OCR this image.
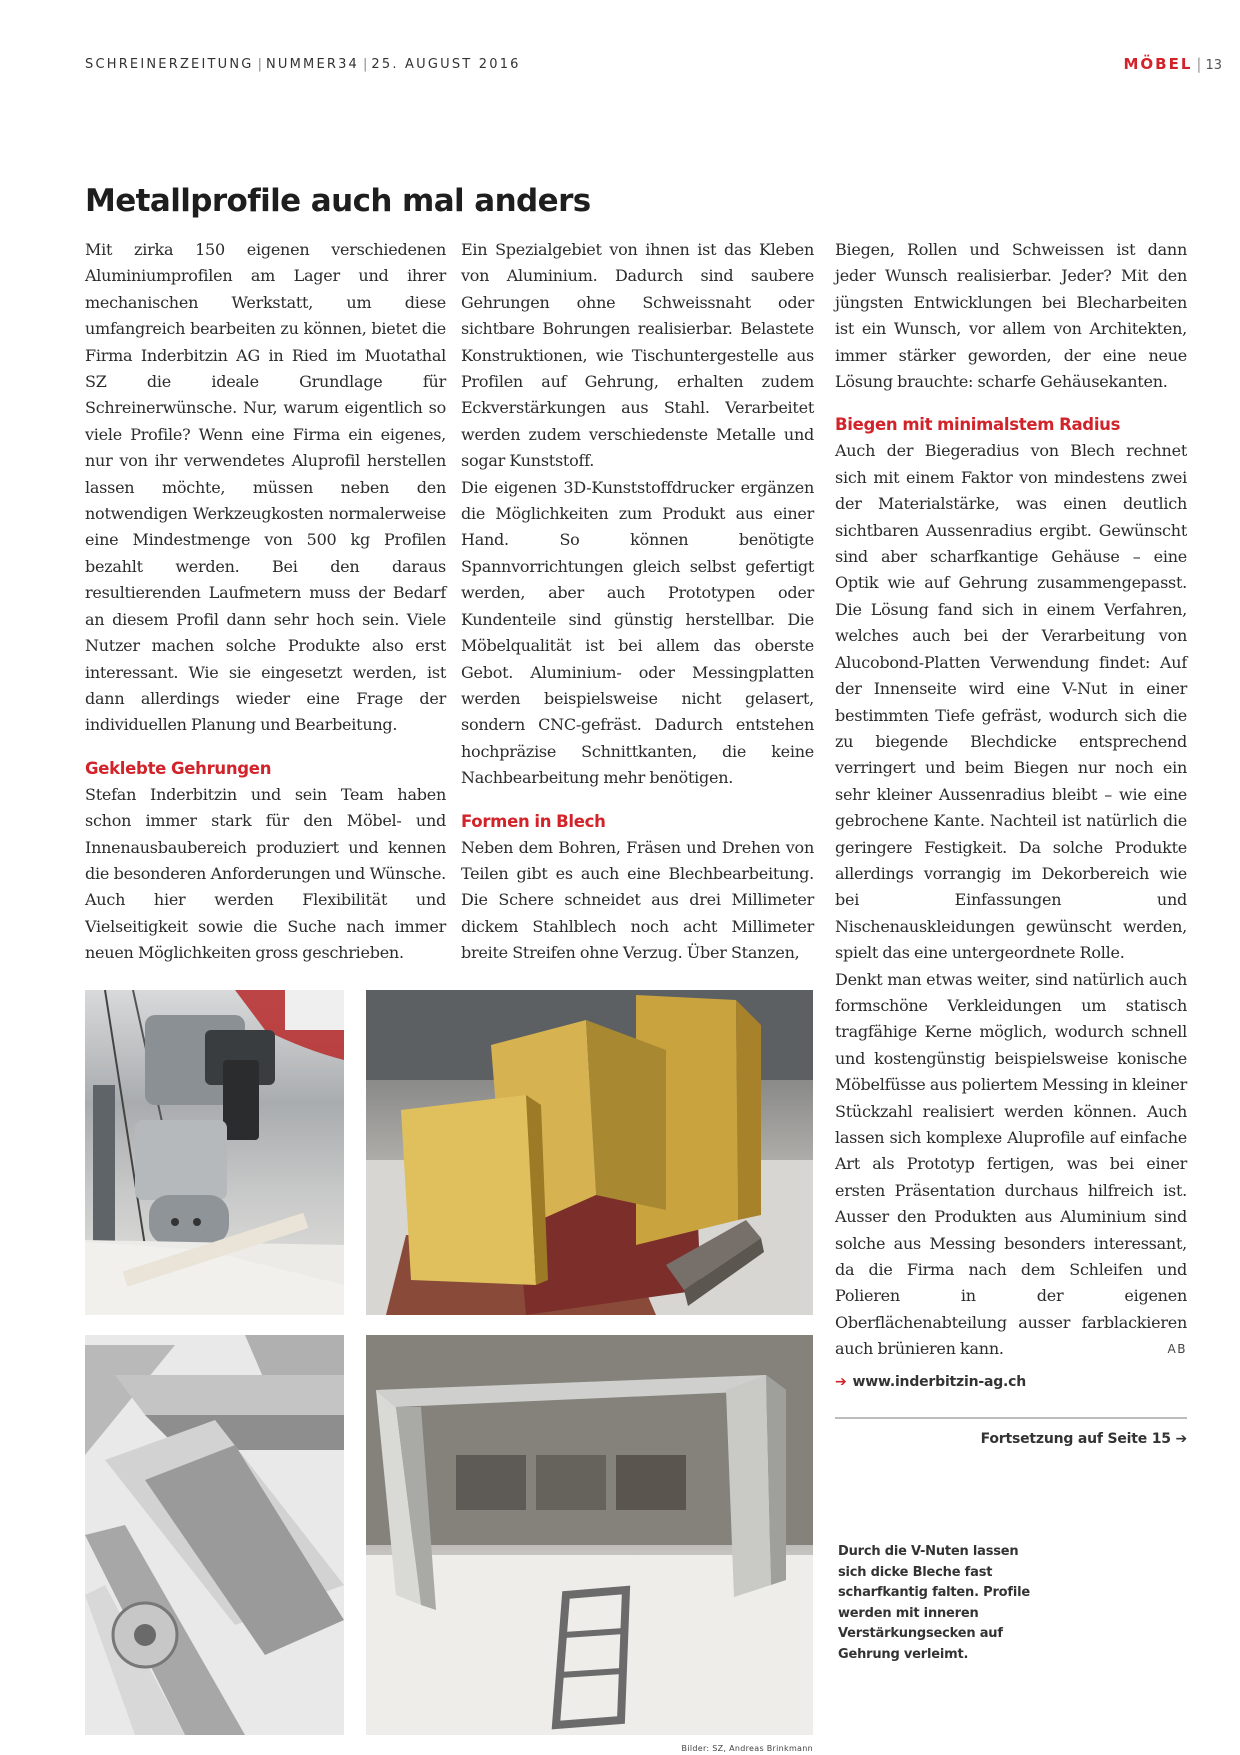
SCHREINERZEITUNG | NUMMER34 | 25. AUGUST 2016	MÖBEL | 13
Metallprofile auch mal anders

Mit zirka 150 eigenen verschiedenen Aluminiumprofilen am Lager und ihrer mechanischen Werkstatt, um diese umfangreich bearbeiten zu können, bietet die Firma Inderbitzin AG in Ried im Muotathal SZ die ideale Grundlage für Schreinerwünsche. Nur, warum eigentlich so viele Profile? Wenn eine Firma ein eigenes, nur von ihr verwendetes Aluprofil herstellen lassen möchte, müssen neben den notwendigen Werkzeugkosten normalerweise eine Mindestmenge von 500 kg Profilen bezahlt werden. Bei den daraus resultierenden Laufmetern muss der Bedarf an diesem Profil dann sehr hoch sein. Viele Nutzer machen solche Produkte also erst interessant. Wie sie eingesetzt werden, ist dann allerdings wieder eine Frage der individuellen Planung und Bearbeitung.

Geklebte Gehrungen

Stefan Inderbitzin und sein Team haben schon immer stark für den Möbel- und Innenausbaubereich produziert und kennen die besonderen Anforderungen und Wünsche. Auch hier werden Flexibilität und Vielseitigkeit sowie die Suche nach immer neuen Möglichkeiten gross geschrieben.

Ein Spezialgebiet von ihnen ist das Kleben von Aluminium. Dadurch sind saubere Gehrungen ohne Schweissnaht oder sichtbare Bohrungen realisierbar. Belastete Konstruktionen, wie Tischuntergestelle aus Profilen auf Gehrung, erhalten zudem Eckverstärkungen aus Stahl. Verarbeitet werden zudem verschiedenste Metalle und sogar Kunststoff.

Die eigenen 3D-Kunststoffdrucker ergänzen die Möglichkeiten zum Produkt aus einer Hand. So können benötigte Spannvorrichtungen gleich selbst gefertigt werden, aber auch Prototypen oder Kundenteile sind günstig herstellbar. Die Möbelqualität ist bei allem das oberste Gebot. Aluminium- oder Messingplatten werden beispielsweise nicht gelasert, sondern CNC-gefräst. Dadurch entstehen hochpräzise Schnittkanten, die keine Nachbearbeitung mehr benötigen.

Formen in Blech

Neben dem Bohren, Fräsen und Drehen von Teilen gibt es auch eine Blechbearbeitung. Die Schere schneidet aus drei Millimeter dickem Stahlblech noch acht Millimeter breite Streifen ohne Verzug. Über Stanzen,

Biegen, Rollen und Schweissen ist dann jeder Wunsch realisierbar. Jeder? Mit den jüngsten Entwicklungen bei Blecharbeiten ist ein Wunsch, vor allem von Architekten, immer stärker geworden, der eine neue Lösung brauchte: scharfe Gehäusekanten.

Biegen mit minimalstem Radius

Auch der Biegeradius von Blech rechnet sich mit einem Faktor von mindestens zwei der Materialstärke, was einen deutlich sichtbaren Aussenradius ergibt. Gewünscht sind aber scharfkantige Gehäuse – eine Optik wie auf Gehrung zusammengepasst. Die Lösung fand sich in einem Verfahren, welches auch bei der Verarbeitung von Alucobond-Platten Verwendung findet: Auf der Innenseite wird eine V-Nut in einer bestimmten Tiefe gefräst, wodurch sich die zu biegende Blechdicke entsprechend verringert und beim Biegen nur noch ein sehr kleiner Aussenradius bleibt – wie eine gebrochene Kante. Nachteil ist natürlich die geringere Festigkeit. Da solche Produkte allerdings vorrangig im Dekorbereich wie bei Einfassungen und Nischenauskleidungen gewünscht werden, spielt das eine untergeordnete Rolle.

Denkt man etwas weiter, sind natürlich auch formschöne Verkleidungen um statisch tragfähige Kerne möglich, wodurch schnell und kostengünstig beispielsweise konische Möbelfüsse aus poliertem Messing in kleiner Stückzahl realisiert werden können. Auch lassen sich komplexe Aluprofile auf einfache Art als Prototyp fertigen, was bei einer ersten Präsentation durchaus hilfreich ist. Ausser den Produkten aus Aluminium sind solche aus Messing besonders interessant, da die Firma nach dem Schleifen und Polieren in der eigenen Oberflächenabteilung ausser farblackieren auch brünieren kann.	AB

➔ www.inderbitzin-ag.ch
Fortsetzung auf Seite 15 ➔
Bilder: SZ, Andreas Brinkmann
Durch die V-Nuten lassen sich dicke Bleche fast scharfkantig falten. Profile werden mit inneren Verstärkungsecken auf Gehrung verleimt.
